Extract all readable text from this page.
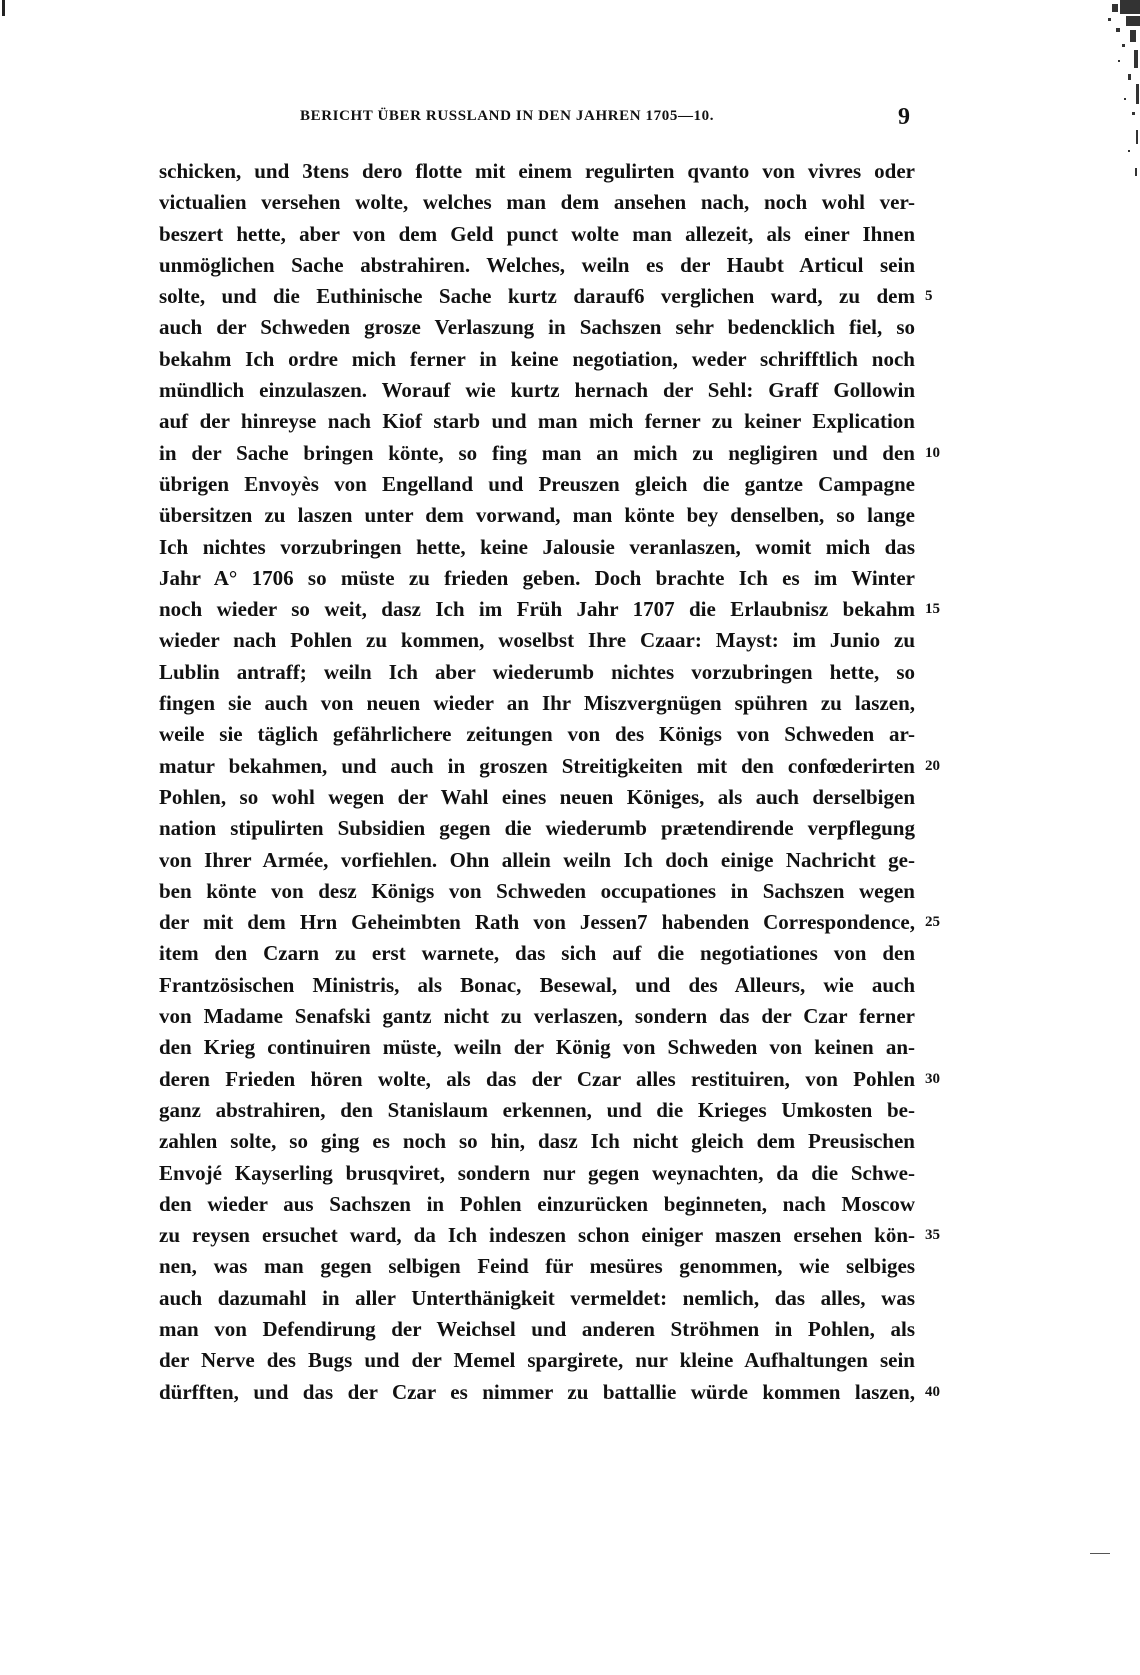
BERICHT ÜBER RUSSLAND IN DEN JAHREN 1705—10.	9
schicken, und 3tens dero flotte mit einem regulirten qvanto von vivres oder
victualien versehen wolte, welches man dem ansehen nach, noch wohl ver-
beszert hette, aber von dem Geld punct wolte man allezeit, als einer Ihnen
unmöglichen Sache abstrahiren. Welches, weiln es der Haubt Articul sein
solte, und die Euthinische Sache kurtz darauf6 verglichen ward, zu dem 5
auch der Schweden grosze Verlaszung in Sachszen sehr bedencklich fiel, so
bekahm Ich ordre mich ferner in keine negotiation, weder schrifftlich noch
mündlich einzulaszen. Worauf wie kurtz hernach der Sehl: Graff Gollowin
auf der hinreyse nach Kiof starb und man mich ferner zu keiner Explication
in der Sache bringen könte, so fing man an mich zu negligiren und den 10
übrigen Envoyès von Engelland und Preuszen gleich die gantze Campagne
übersitzen zu laszen unter dem vorwand, man könte bey denselben, so lange
Ich nichtes vorzubringen hette, keine Jalousie veranlaszen, womit mich das
Jahr A° 1706 so müste zu frieden geben. Doch brachte Ich es im Winter
noch wieder so weit, dasz Ich im Früh Jahr 1707 die Erlaubnisz bekahm 15
wieder nach Pohlen zu kommen, woselbst Ihre Czaar: Mayst: im Junio zu
Lublin antraff; weiln Ich aber wiederumb nichtes vorzubringen hette, so
fingen sie auch von neuen wieder an Ihr Miszvergnügen spühren zu laszen,
weile sie täglich gefährlichere zeitungen von des Königs von Schweden ar-
matur bekahmen, und auch in groszen Streitigkeiten mit den confœderirten 20
Pohlen, so wohl wegen der Wahl eines neuen Königes, als auch derselbigen
nation stipulirten Subsidien gegen die wiederumb prætendirende verpflegung
von Ihrer Armée, vorfiehlen. Ohn allein weiln Ich doch einige Nachricht ge-
ben könte von desz Königs von Schweden occupationes in Sachszen wegen
der mit dem Hrn Geheimbten Rath von Jessen7 habenden Correspondence, 25
item den Czarn zu erst warnete, das sich auf die negotiationes von den
Frantzösischen Ministris, als Bonac, Besewal, und des Alleurs, wie auch
von Madame Senafski gantz nicht zu verlaszen, sondern das der Czar ferner
den Krieg continuiren müste, weiln der König von Schweden von keinen an-
deren Frieden hören wolte, als das der Czar alles restituiren, von Pohlen 30
ganz abstrahiren, den Stanislaum erkennen, und die Krieges Umkosten be-
zahlen solte, so ging es noch so hin, dasz Ich nicht gleich dem Preusischen
Envojé Kayserling brusqviret, sondern nur gegen weynachten, da die Schwe-
den wieder aus Sachszen in Pohlen einzurücken beginneten, nach Moscow
zu reysen ersuchet ward, da Ich indeszen schon einiger maszen ersehen kön- 35
nen, was man gegen selbigen Feind für mesüres genommen, wie selbiges
auch dazumahl in aller Unterthänigkeit vermeldet: nemlich, das alles, was
man von Defendirung der Weichsel und anderen Ströhmen in Pohlen, als
der Nerve des Bugs und der Memel spargirete, nur kleine Aufhaltungen sein
dürfften, und das der Czar es nimmer zu battallie würde kommen laszen, 40
